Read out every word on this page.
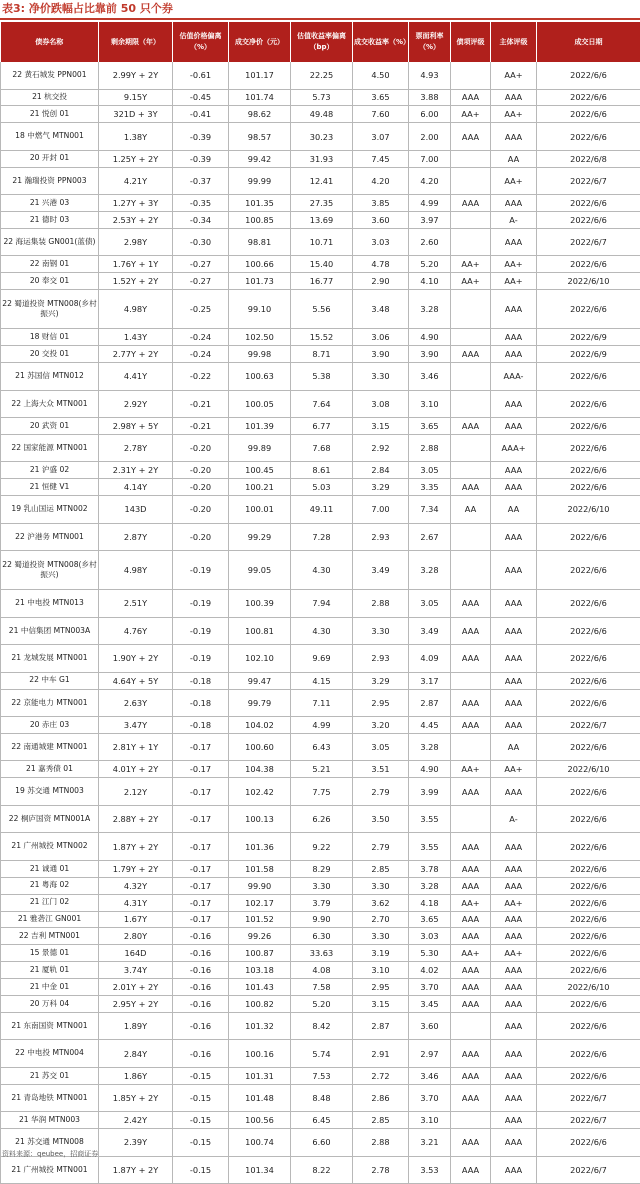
表3: 净价跌幅占比靠前 50 只个券
债券名称	剩余期限（年）	估值价格偏离（%）	成交净价（元）	估值收益率偏离（bp）	成交收益率（%）	票面利率（%）	债项评级	主体评级	成交日期
22 黄石城发 PPN001	2.99Y + 2Y	-0.61	101.17	22.25	4.50	4.93		AA+	2022/6/6
21 杭交投	9.15Y	-0.45	101.74	5.73	3.65	3.88	AAA	AAA	2022/6/6
21 悦创 01	321D + 3Y	-0.41	98.62	49.48	7.60	6.00	AA+	AA+	2022/6/6
18 中燃气 MTN001	1.38Y	-0.39	98.57	30.23	3.07	2.00	AAA	AAA	2022/6/6
20 开封 01	1.25Y + 2Y	-0.39	99.42	31.93	7.45	7.00		AA	2022/6/8
21 瀚瑞投资 PPN003	4.21Y	-0.37	99.99	12.41	4.20	4.20		AA+	2022/6/7
21 兴港 03	1.27Y + 3Y	-0.35	101.35	27.35	3.85	4.99	AAA	AAA	2022/6/6
21 德时 03	2.53Y + 2Y	-0.34	100.85	13.69	3.60	3.97		A-	2022/6/6
22 海运集装 GN001(蓝债)	2.98Y	-0.30	98.81	10.71	3.03	2.60		AAA	2022/6/7
22 南钢 01	1.76Y + 1Y	-0.27	100.66	15.40	4.78	5.20	AA+	AA+	2022/6/6
20 奉交 01	1.52Y + 2Y	-0.27	101.73	16.77	2.90	4.10	AA+	AA+	2022/6/10
22 蜀道投资 MTN008(乡村振兴)	4.98Y	-0.25	99.10	5.56	3.48	3.28		AAA	2022/6/6
18 财信 01	1.43Y	-0.24	102.50	15.52	3.06	4.90		AAA	2022/6/9
20 交投 01	2.77Y + 2Y	-0.24	99.98	8.71	3.90	3.90	AAA	AAA	2022/6/9
21 苏国信 MTN012	4.41Y	-0.22	100.63	5.38	3.30	3.46		AAA-	2022/6/6
22 上海大众 MTN001	2.92Y	-0.21	100.05	7.64	3.08	3.10		AAA	2022/6/6
20 武资 01	2.98Y + 5Y	-0.21	101.39	6.77	3.15	3.65	AAA	AAA	2022/6/6
22 国家能源 MTN001	2.78Y	-0.20	99.89	7.68	2.92	2.88		AAA+	2022/6/6
21 沪盛 02	2.31Y + 2Y	-0.20	100.45	8.61	2.84	3.05		AAA	2022/6/6
21 恒健 V1	4.14Y	-0.20	100.21	5.03	3.29	3.35	AAA	AAA	2022/6/6
19 乳山国运 MTN002	143D	-0.20	100.01	49.11	7.00	7.34	AA	AA	2022/6/10
22 沪港务 MTN001	2.87Y	-0.20	99.29	7.28	2.93	2.67		AAA	2022/6/6
22 蜀道投资 MTN008(乡村振兴)	4.98Y	-0.19	99.05	4.30	3.49	3.28		AAA	2022/6/6
21 中电投 MTN013	2.51Y	-0.19	100.39	7.94	2.88	3.05	AAA	AAA	2022/6/6
21 中信集团 MTN003A	4.76Y	-0.19	100.81	4.30	3.30	3.49	AAA	AAA	2022/6/6
21 龙城发展 MTN001	1.90Y + 2Y	-0.19	102.10	9.69	2.93	4.09	AAA	AAA	2022/6/6
22 中车 G1	4.64Y + 5Y	-0.18	99.47	4.15	3.29	3.17		AAA	2022/6/6
22 京能电力 MTN001	2.63Y	-0.18	99.79	7.11	2.95	2.87	AAA	AAA	2022/6/6
20 赤庄 03	3.47Y	-0.18	104.02	4.99	3.20	4.45	AAA	AAA	2022/6/7
22 南通城建 MTN001	2.81Y + 1Y	-0.17	100.60	6.43	3.05	3.28		AA	2022/6/6
21 嘉秀债 01	4.01Y + 2Y	-0.17	104.38	5.21	3.51	4.90	AA+	AA+	2022/6/10
19 苏交通 MTN003	2.12Y	-0.17	102.42	7.75	2.79	3.99	AAA	AAA	2022/6/6
22 桐庐国资 MTN001A	2.88Y + 2Y	-0.17	100.13	6.26	3.50	3.55		A-	2022/6/6
21 广州城投 MTN002	1.87Y + 2Y	-0.17	101.36	9.22	2.79	3.55	AAA	AAA	2022/6/6
21 诚通 01	1.79Y + 2Y	-0.17	101.58	8.29	2.85	3.78	AAA	AAA	2022/6/6
21 粤海 02	4.32Y	-0.17	99.90	3.30	3.30	3.28	AAA	AAA	2022/6/6
21 江门 02	4.31Y	-0.17	102.17	3.79	3.62	4.18	AA+	AA+	2022/6/6
21 雅砻江 GN001	1.67Y	-0.17	101.52	9.90	2.70	3.65	AAA	AAA	2022/6/6
22 吉利 MTN001	2.80Y	-0.16	99.26	6.30	3.30	3.03	AAA	AAA	2022/6/6
15 景德 01	164D	-0.16	100.87	33.63	3.19	5.30	AA+	AA+	2022/6/6
21 厦轨 01	3.74Y	-0.16	103.18	4.08	3.10	4.02	AAA	AAA	2022/6/6
21 中金 01	2.01Y + 2Y	-0.16	101.43	7.58	2.95	3.70	AAA	AAA	2022/6/10
20 万科 04	2.95Y + 2Y	-0.16	100.82	5.20	3.15	3.45	AAA	AAA	2022/6/6
21 东南国资 MTN001	1.89Y	-0.16	101.32	8.42	2.87	3.60		AAA	2022/6/6
22 中电投 MTN004	2.84Y	-0.16	100.16	5.74	2.91	2.97	AAA	AAA	2022/6/6
21 苏交 01	1.86Y	-0.15	101.31	7.53	2.72	3.46	AAA	AAA	2022/6/6
21 青岛地铁 MTN001	1.85Y + 2Y	-0.15	101.48	8.48	2.86	3.70	AAA	AAA	2022/6/7
21 华润 MTN003	2.42Y	-0.15	100.56	6.45	2.85	3.10		AAA	2022/6/7
21 苏交通 MTN008	2.39Y	-0.15	100.74	6.60	2.88	3.21	AAA	AAA	2022/6/6
21 广州城投 MTN001	1.87Y + 2Y	-0.15	101.34	8.22	2.78	3.53	AAA	AAA	2022/6/7
资料来源：qeubee，招商证券
